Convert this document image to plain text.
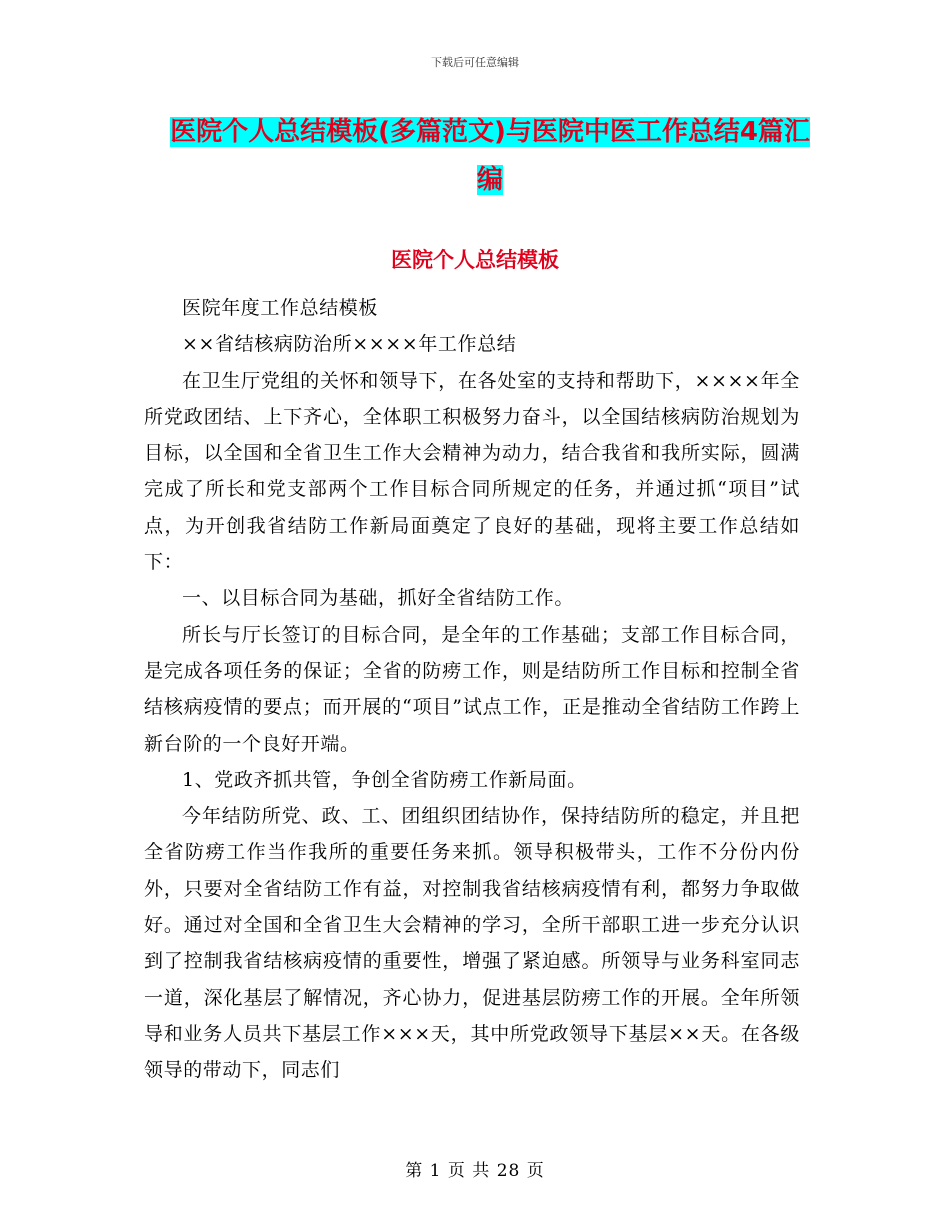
下载后可任意编辑
医院个人总结模板(多篇范文)与医院中医工作总结4篇汇编
医院个人总结模板

医院年度工作总结模板

××省结核病防治所××××年工作总结

在卫生厅党组的关怀和领导下，在各处室的支持和帮助下，××××年全所党政团结、上下齐心，全体职工积极努力奋斗，以全国结核病防治规划为目标，以全国和全省卫生工作大会精神为动力，结合我省和我所实际，圆满完成了所长和党支部两个工作目标合同所规定的任务，并通过抓“项目”试点，为开创我省结防工作新局面奠定了良好的基础，现将主要工作总结如下：

一、以目标合同为基础，抓好全省结防工作。

所长与厅长签订的目标合同，是全年的工作基础；支部工作目标合同，是完成各项任务的保证；全省的防痨工作，则是结防所工作目标和控制全省结核病疫情的要点；而开展的“项目”试点工作，正是推动全省结防工作跨上新台阶的一个良好开端。

1、党政齐抓共管，争创全省防痨工作新局面。

今年结防所党、政、工、团组织团结协作，保持结防所的稳定，并且把全省防痨工作当作我所的重要任务来抓。领导积极带头，工作不分份内份外，只要对全省结防工作有益，对控制我省结核病疫情有利，都努力争取做好。通过对全国和全省卫生大会精神的学习，全所干部职工进一步充分认识到了控制我省结核病疫情的重要性，增强了紧迫感。所领导与业务科室同志一道，深化基层了解情况，齐心协力，促进基层防痨工作的开展。全年所领导和业务人员共下基层工作×××天，其中所党政领导下基层××天。在各级领导的带动下，同志们

第 1 页 共 28 页
